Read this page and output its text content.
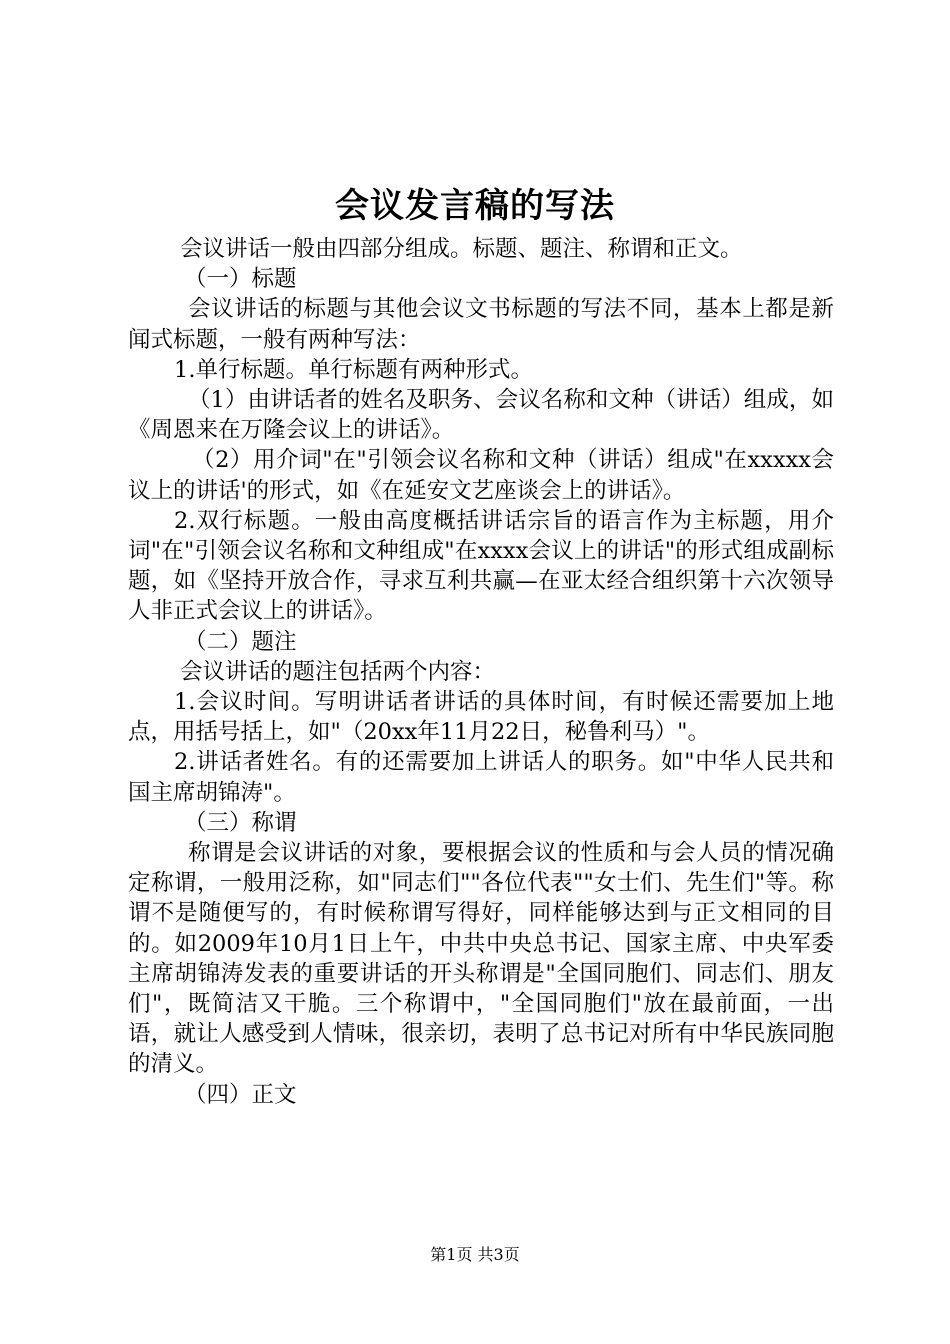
会议发言稿的写法

会议讲话一般由四部分组成。标题、题注、称谓和正文。

（一）标题

会议讲话的标题与其他会议文书标题的写法不同，基本上都是新闻式标题，一般有两种写法：

1.单行标题。单行标题有两种形式。

（1）由讲话者的姓名及职务、会议名称和文种（讲话）组成，如《周恩来在万隆会议上的讲话》。

（2）用介词"在"引领会议名称和文种（讲话）组成"在xxxxx会议上的讲话'的形式，如《在延安文艺座谈会上的讲话》。

2.双行标题。一般由高度概括讲话宗旨的语言作为主标题，用介词"在"引领会议名称和文种组成"在xxxx会议上的讲话"的形式组成副标题，如《坚持开放合作，寻求互利共赢—在亚太经合组织第十六次领导人非正式会议上的讲话》。

（二）题注

会议讲话的题注包括两个内容：

1.会议时间。写明讲话者讲话的具体时间，有时候还需要加上地点，用括号括上，如"（20xx年11月22日，秘鲁利马）"。

2.讲话者姓名。有的还需要加上讲话人的职务。如"中华人民共和国主席胡锦涛"。

（三）称谓

称谓是会议讲话的对象，要根据会议的性质和与会人员的情况确定称谓，一般用泛称，如"同志们""各位代表""女士们、先生们"等。称谓不是随便写的，有时候称谓写得好，同样能够达到与正文相同的目的。如2009年10月1日上午，中共中央总书记、国家主席、中央军委主席胡锦涛发表的重要讲话的开头称谓是"全国同胞们、同志们、朋友们"，既简洁又干脆。三个称谓中，"全国同胞们"放在最前面，一出语，就让人感受到人情味，很亲切，表明了总书记对所有中华民族同胞的清义。

（四）正文

第1页 共3页
